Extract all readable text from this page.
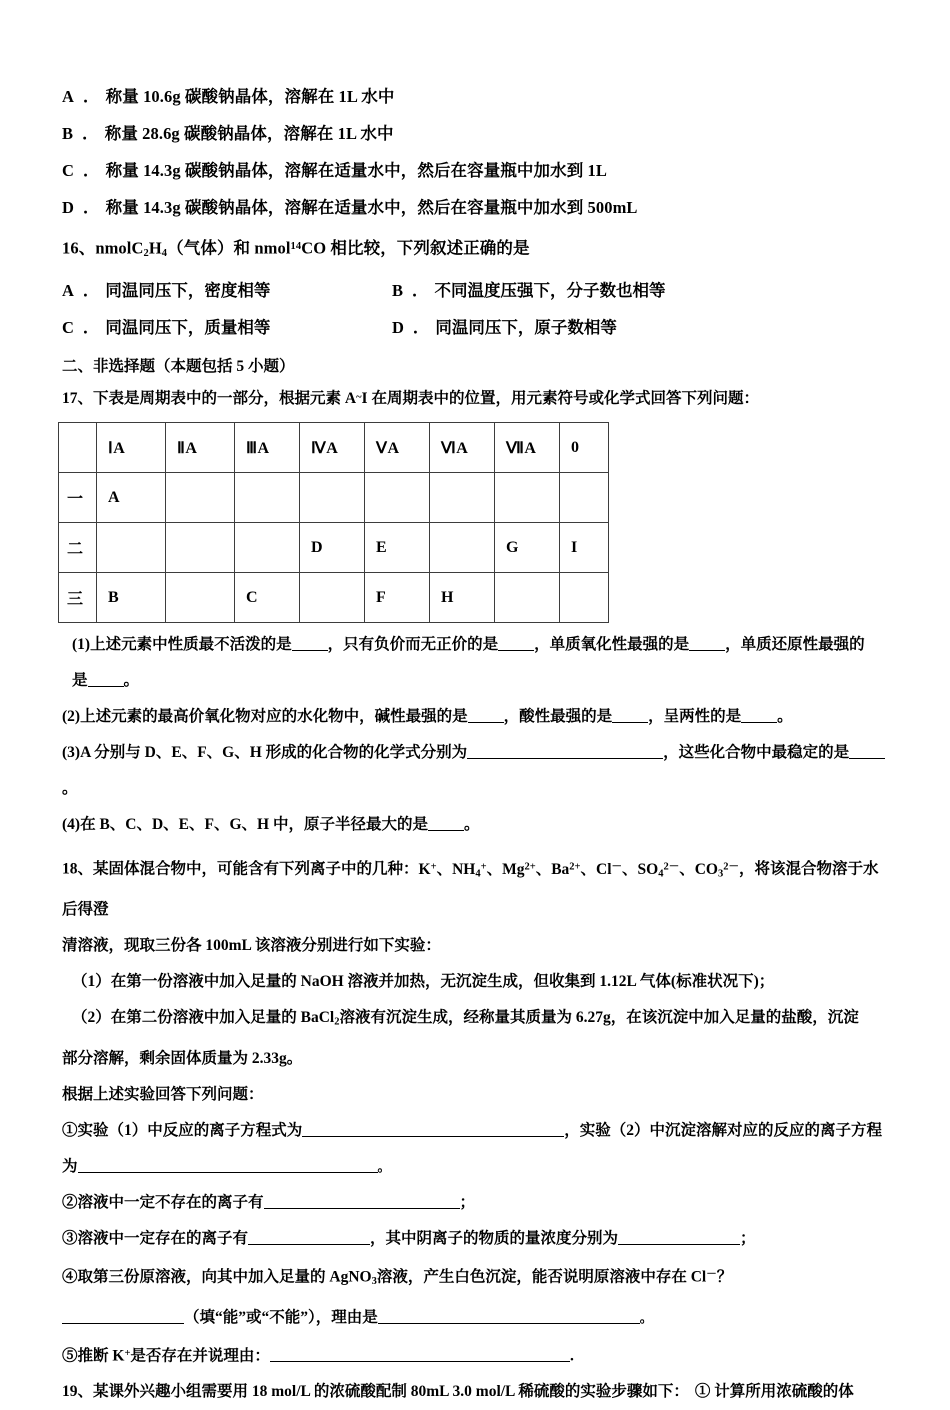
A ． 称量 10.6g 碳酸钠晶体，溶解在 1L 水中
B ． 称量 28.6g 碳酸钠晶体，溶解在 1L 水中
C ． 称量 14.3g 碳酸钠晶体，溶解在适量水中，然后在容量瓶中加水到 1L
D ． 称量 14.3g 碳酸钠晶体，溶解在适量水中，然后在容量瓶中加水到 500mL
16、$nmolC_2H_4$（气体）和 nmol$^{14}$CO 相比较，下列叙述正确的是
A ． 同温同压下，密度相等	B ． 不同温度压强下，分子数也相等
C ． 同温同压下，质量相等	D ． 同温同压下，原子数相等
二、非选择题（本题包括 5 小题）
17、下表是周期表中的一部分，根据元素 A~I 在周期表中的位置，用元素符号或化学式回答下列问题：
	ⅠA	ⅡA	ⅢA	ⅣA	ⅤA	ⅥA	ⅦA	0
一	A							
二				D	E		G	I
三	B		C		F	H		
(1)上述元素中性质最不活泼的是 ，只有负价而无正价的是 ，单质氧化性最强的是 ，单质还原性最强的
是 。
(2)上述元素的最高价氧化物对应的水化物中，碱性最强的是 ，酸性最强的是 ，呈两性的是 。
(3)A 分别与 D、E、F、G、H 形成的化合物的化学式分别为	，这些化合物中最稳定的是。
(4)在 B、C、D、E、F、G、H 中，原子半径最大的是 。
18、某固体混合物中，可能含有下列离子中的几种：K+、$NH_4^+$、$Mg^{2+}$、$Ba^{2+}$、Cl－、$SO_4^{2-}$、$CO_3^{2-}$，将该混合物溶于水后得澄
清溶液，现取三份各 100mL 该溶液分别进行如下实验：
（1）在第一份溶液中加入足量的 NaOH 溶液并加热，无沉淀生成，但收集到 1.12L 气体(标准状况下)；
（2）在第二份溶液中加入足量的 BaCl$_2$溶液有沉淀生成，经称量其质量为 6.27g，在该沉淀中加入足量的盐酸，沉淀
部分溶解，剩余固体质量为 2.33g。
根据上述实验回答下列问题：
①实验（1）中反应的离子方程式为	，实验（2）中沉淀溶解对应的反应的离子方程
为	。
②溶液中一定不存在的离子有	；
③溶液中一定存在的离子有	，其中阴离子的物质的量浓度分别为	；
④取第三份原溶液，向其中加入足量的 AgNO$_3$溶液，产生白色沉淀，能否说明原溶液中存在 Cl－？
（填“能”或“不能”），理由是	。
⑤推断 K+是否存在并说理由：	.
19、某课外兴趣小组需要用 18 mol/L 的浓硫酸配制 80mL 3.0 mol/L 稀硫酸的实验步骤如下： ① 计算所用浓硫酸的体
